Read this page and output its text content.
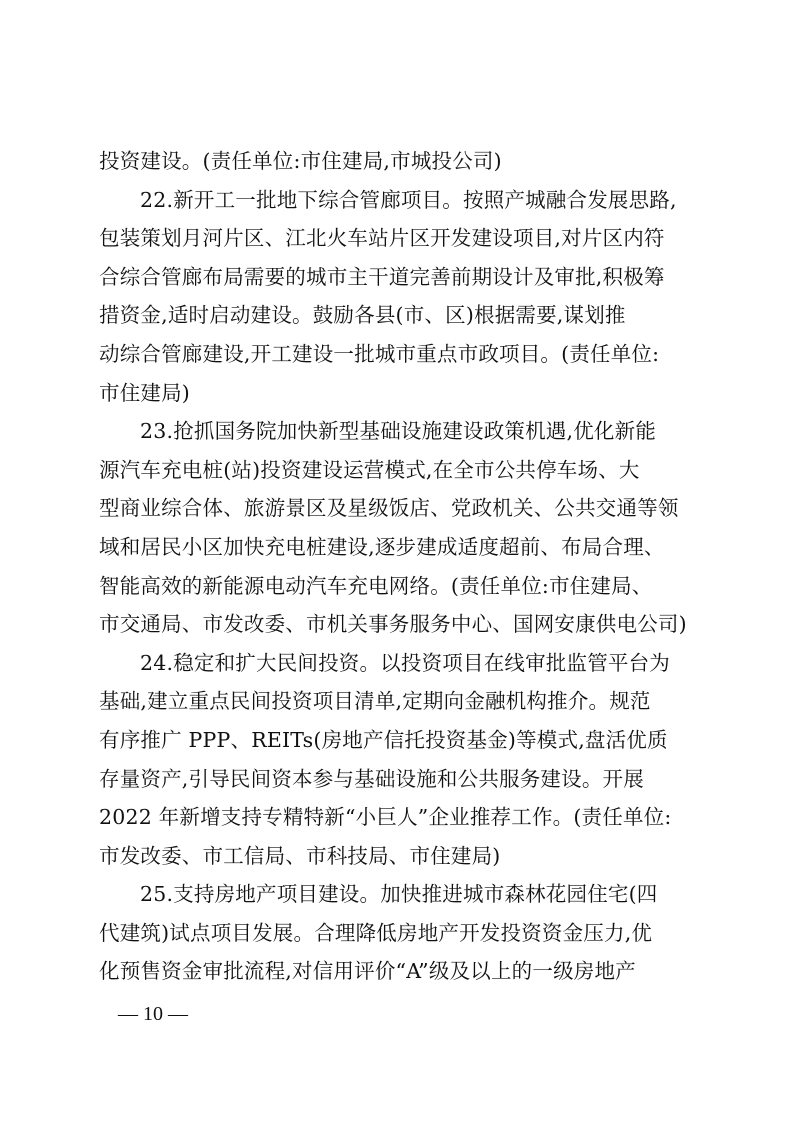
投资建设。(责任单位:市住建局,市城投公司)
22.新开工一批地下综合管廊项目。按照产城融合发展思路,
包装策划月河片区、江北火车站片区开发建设项目,对片区内符
合综合管廊布局需要的城市主干道完善前期设计及审批,积极筹
措资金,适时启动建设。鼓励各县(市、区)根据需要,谋划推
动综合管廊建设,开工建设一批城市重点市政项目。(责任单位:
市住建局)
23.抢抓国务院加快新型基础设施建设政策机遇,优化新能
源汽车充电桩(站)投资建设运营模式,在全市公共停车场、大
型商业综合体、旅游景区及星级饭店、党政机关、公共交通等领
域和居民小区加快充电桩建设,逐步建成适度超前、布局合理、
智能高效的新能源电动汽车充电网络。(责任单位:市住建局、
市交通局、市发改委、市机关事务服务中心、国网安康供电公司)
24.稳定和扩大民间投资。以投资项目在线审批监管平台为
基础,建立重点民间投资项目清单,定期向金融机构推介。规范
有序推广 PPP、REITs(房地产信托投资基金)等模式,盘活优质
存量资产,引导民间资本参与基础设施和公共服务建设。开展
2022 年新增支持专精特新“小巨人”企业推荐工作。(责任单位:
市发改委、市工信局、市科技局、市住建局)
25.支持房地产项目建设。加快推进城市森林花园住宅(四
代建筑)试点项目发展。合理降低房地产开发投资资金压力,优
化预售资金审批流程,对信用评价“A”级及以上的一级房地产
— 10 —
